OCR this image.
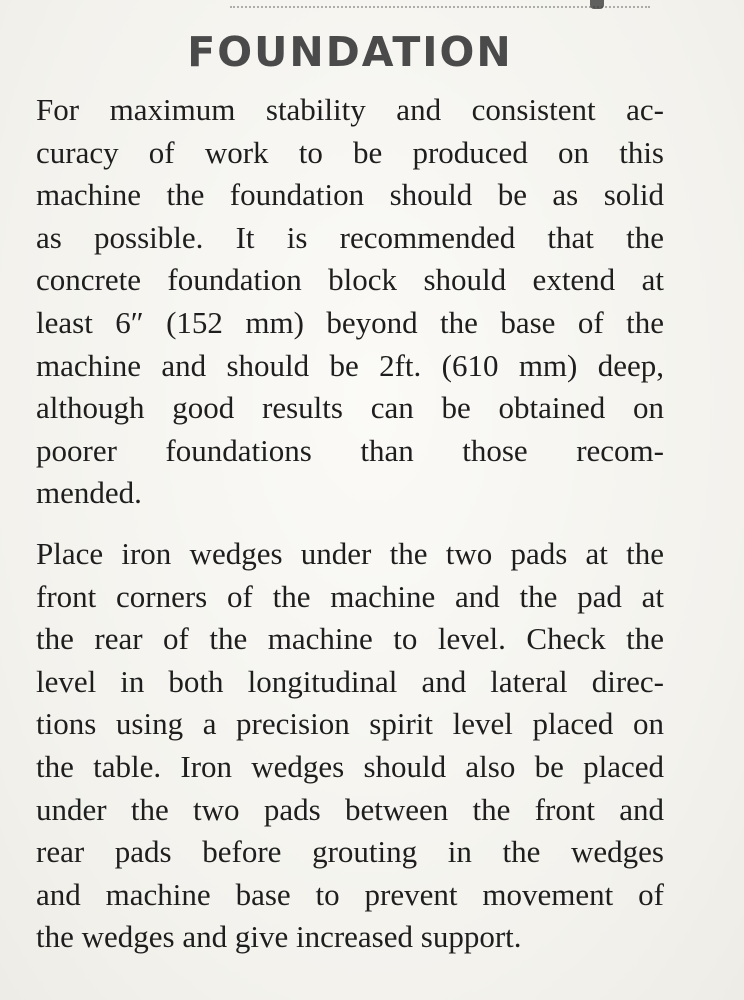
FOUNDATION
For maximum stability and consistent ac-
curacy of work to be produced on this
machine the foundation should be as solid
as possible. It is recommended that the
concrete foundation block should extend at
least 6″ (152 mm) beyond the base of the
machine and should be 2ft. (610 mm) deep,
although good results can be obtained on
poorer foundations than those recom-
mended.
Place iron wedges under the two pads at the
front corners of the machine and the pad at
the rear of the machine to level. Check the
level in both longitudinal and lateral direc-
tions using a precision spirit level placed on
the table. Iron wedges should also be placed
under the two pads between the front and
rear pads before grouting in the wedges
and machine base to prevent movement of
the wedges and give increased support.
